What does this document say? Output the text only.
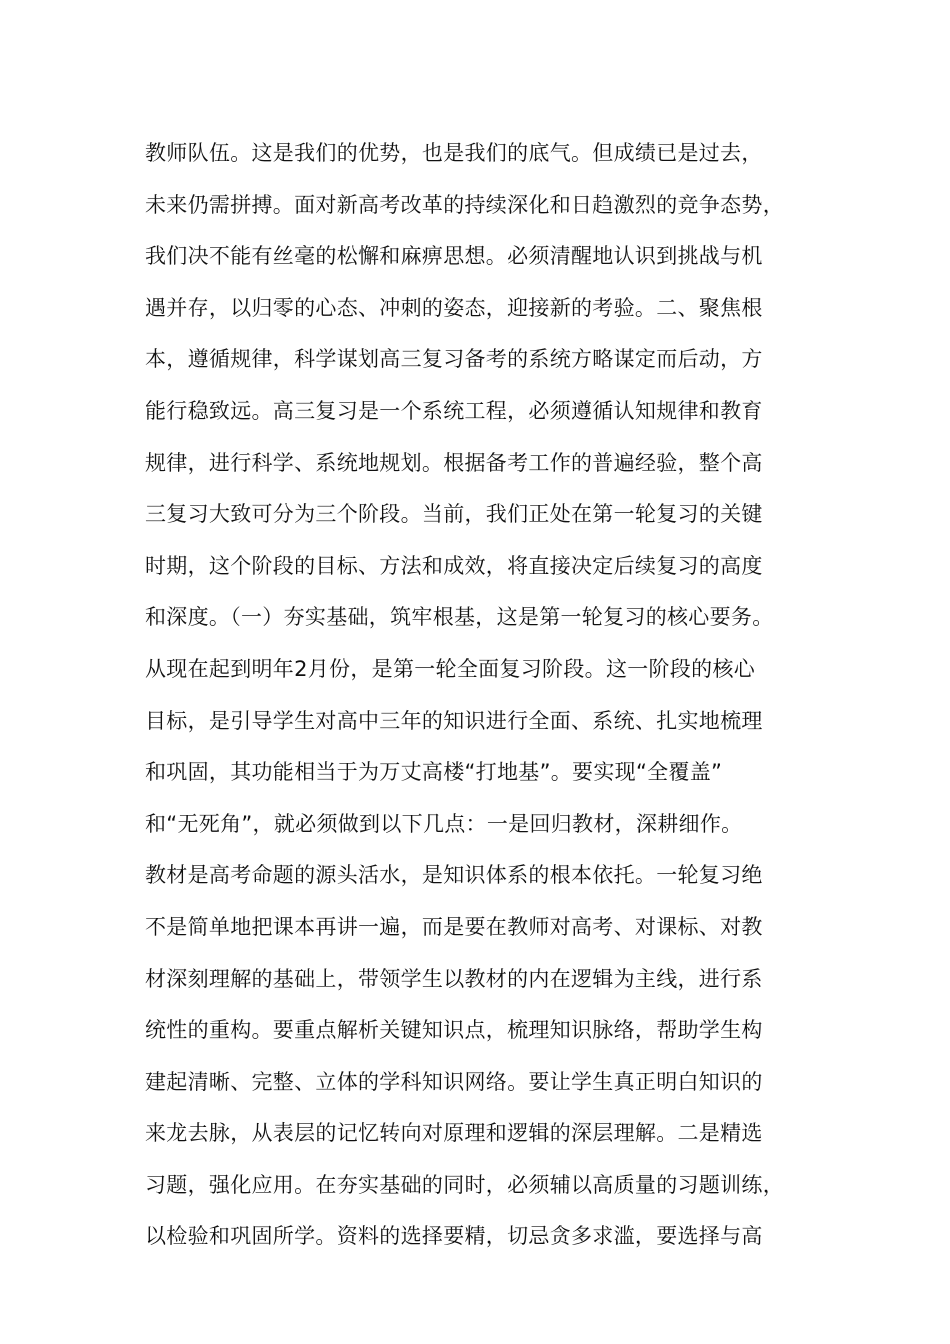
教师队伍。这是我们的优势，也是我们的底气。但成绩已是过去，
未来仍需拼搏。面对新高考改革的持续深化和日趋激烈的竞争态势，
我们决不能有丝毫的松懈和麻痹思想。必须清醒地认识到挑战与机
遇并存，以归零的心态、冲刺的姿态，迎接新的考验。二、聚焦根
本，遵循规律，科学谋划高三复习备考的系统方略谋定而后动，方
能行稳致远。高三复习是一个系统工程，必须遵循认知规律和教育
规律，进行科学、系统地规划。根据备考工作的普遍经验，整个高
三复习大致可分为三个阶段。当前，我们正处在第一轮复习的关键
时期，这个阶段的目标、方法和成效，将直接决定后续复习的高度
和深度。（一）夯实基础，筑牢根基，这是第一轮复习的核心要务。
从现在起到明年2月份，是第一轮全面复习阶段。这一阶段的核心
目标，是引导学生对高中三年的知识进行全面、系统、扎实地梳理
和巩固，其功能相当于为万丈高楼“打地基”。要实现“全覆盖”
和“无死角”，就必须做到以下几点：一是回归教材，深耕细作。
教材是高考命题的源头活水，是知识体系的根本依托。一轮复习绝
不是简单地把课本再讲一遍，而是要在教师对高考、对课标、对教
材深刻理解的基础上，带领学生以教材的内在逻辑为主线，进行系
统性的重构。要重点解析关键知识点，梳理知识脉络，帮助学生构
建起清晰、完整、立体的学科知识网络。要让学生真正明白知识的
来龙去脉，从表层的记忆转向对原理和逻辑的深层理解。二是精选
习题，强化应用。在夯实基础的同时，必须辅以高质量的习题训练，
以检验和巩固所学。资料的选择要精，切忌贪多求滥，要选择与高
